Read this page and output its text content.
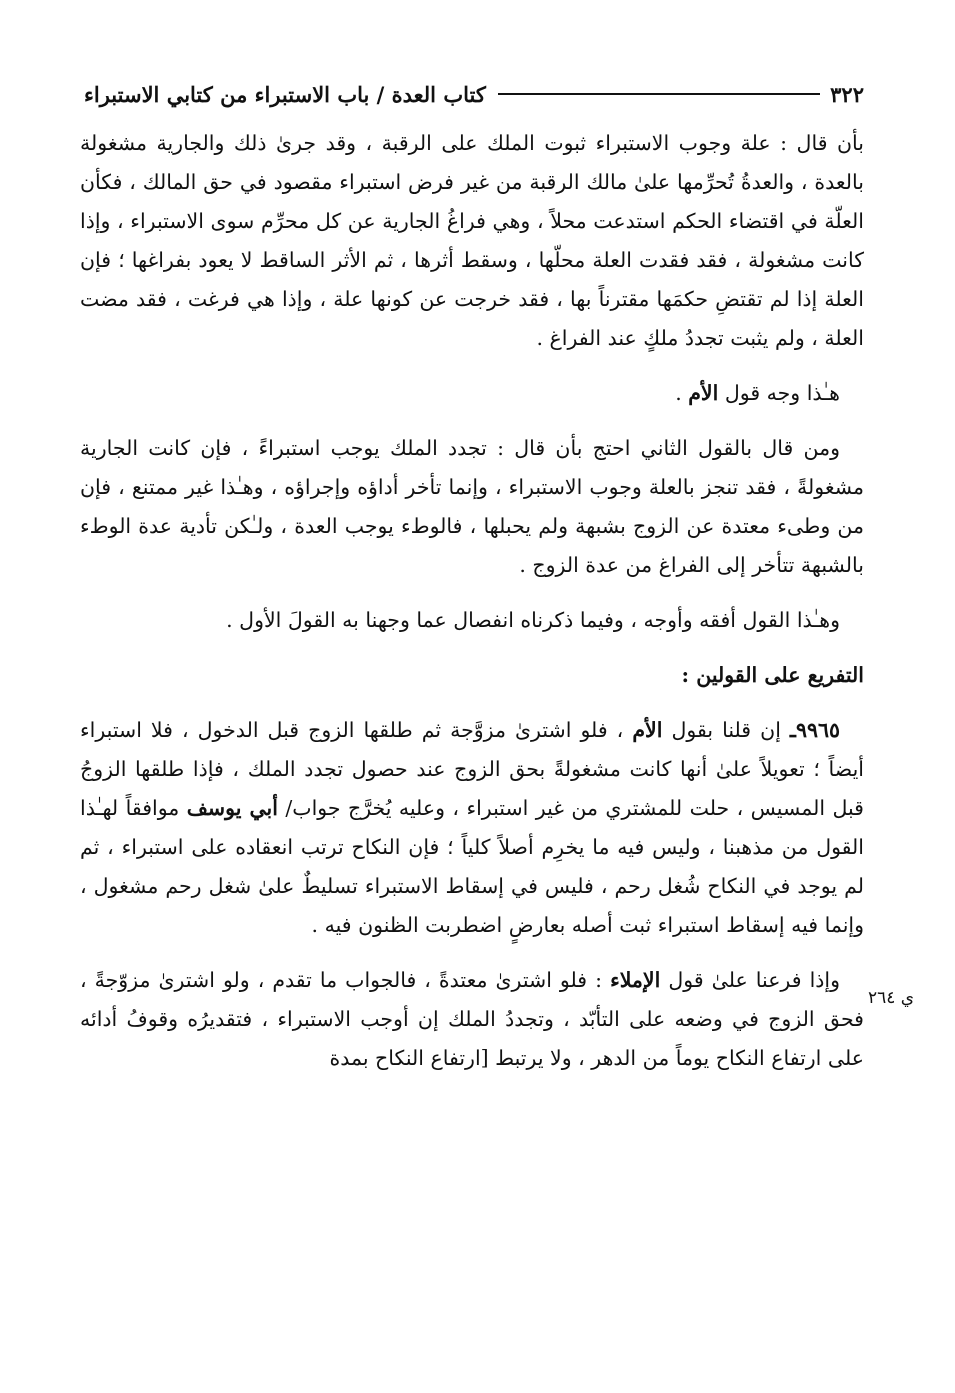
٣٢٢
كتاب العدة / باب الاستبراء من كتابي الاستبراء
ي ٢٦٤

بأن قال : علة وجوب الاستبراء ثبوت الملك على الرقبة ، وقد جرىٰ ذلك والجارية مشغولة بالعدة ، والعدةُ تُحرِّمها علىٰ مالك الرقبة من غير فرض استبراء مقصود في حق المالك ، فكأن العلّة في اقتضاء الحكم استدعت محلاً ، وهي فراغُ الجارية عن كل محرِّم سوى الاستبراء ، وإذا كانت مشغولة ، فقد فقدت العلة محلّها ، وسقط أثرها ، ثم الأثر الساقط لا يعود بفراغها ؛ فإن العلة إذا لم تقتضِ حكمَها مقترناً بها ، فقد خرجت عن كونها علة ، وإذا هي فرغت ، فقد مضت العلة ، ولم يثبت تجددُ ملكٍ عند الفراغ .

هـٰذا وجه قول الأم .

ومن قال بالقول الثاني احتج بأن قال : تجدد الملك يوجب استبراءً ، فإن كانت الجارية مشغولةً ، فقد تنجز بالعلة وجوب الاستبراء ، وإنما تأخر أداؤه وإجراؤه ، وهـٰذا غير ممتنع ، فإن من وطىء معتدة عن الزوج بشبهة ولم يحبلها ، فالوطء يوجب العدة ، ولـٰكن تأدية عدة الوطء بالشبهة تتأخر إلى الفراغ من عدة الزوج .

وهـٰذا القول أفقه وأوجه ، وفيما ذكرناه انفصال عما وجهنا به القولَ الأول .

التفريع على القولين :

٩٩٦٥ـ إن قلنا بقول الأم ، فلو اشترىٰ مزوَّجة ثم طلقها الزوج قبل الدخول ، فلا استبراء أيضاً ؛ تعويلاً علىٰ أنها كانت مشغولةً بحق الزوج عند حصول تجدد الملك ، فإذا طلقها الزوجُ قبل المسيس ، حلت للمشتري من غير استبراء ، وعليه يُخرَّج جواب/ أبي يوسف موافقاً لهـٰذا القول من مذهبنا ، وليس فيه ما يخرِم أصلاً كلياً ؛ فإن النكاح ترتب انعقاده على استبراء ، ثم لم يوجد في النكاح شُغل رحم ، فليس في إسقاط الاستبراء تسليطٌ علىٰ شغل رحم مشغول ، وإنما فيه إسقاط استبراء ثبت أصله بعارضٍ اضطربت الظنون فيه .

وإذا فرعنا علىٰ قول الإملاء : فلو اشترىٰ معتدةً ، فالجواب ما تقدم ، ولو اشترىٰ مزوّجةً ، فحق الزوج في وضعه على التأبّد ، وتجددُ الملك إن أوجب الاستبراء ، فتقديرُه وقوفُ أدائه على ارتفاع النكاح يوماً من الدهر ، ولا يرتبط [ارتفاع النكاح بمدة
